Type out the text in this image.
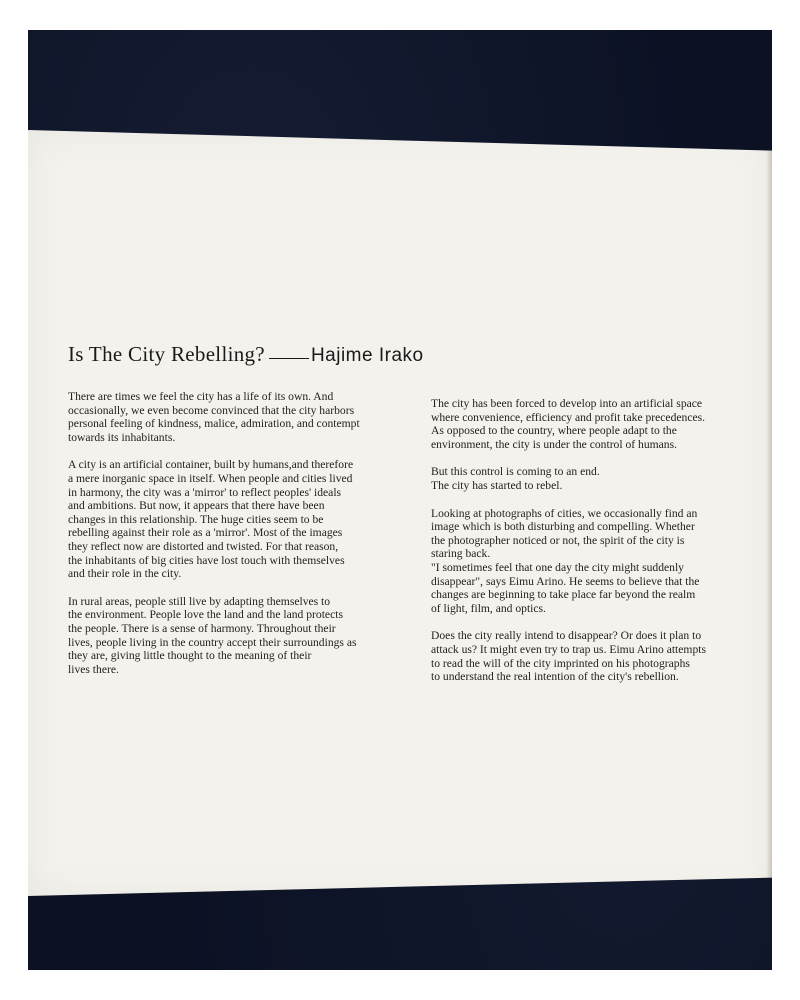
Is The City Rebelling? Hajime Irako

There are times we feel the city has a life of its own. And
occasionally, we even become convinced that the city harbors
personal feeling of kindness, malice, admiration, and contempt
towards its inhabitants.

A city is an artificial container, built by humans,and therefore
a mere inorganic space in itself. When people and cities lived
in harmony, the city was a 'mirror' to reflect peoples' ideals
and ambitions. But now, it appears that there have been
changes in this relationship. The huge cities seem to be
rebelling against their role as a 'mirror'. Most of the images
they reflect now are distorted and twisted. For that reason,
the inhabitants of big cities have lost touch with themselves
and their role in the city.

In rural areas, people still live by adapting themselves to
the environment. People love the land and the land protects
the people. There is a sense of harmony. Throughout their
lives, people living in the country accept their surroundings as
they are, giving little thought to the meaning of their
lives there.

The city has been forced to develop into an artificial space
where convenience, efficiency and profit take precedences.
As opposed to the country, where people adapt to the
environment, the city is under the control of humans.

But this control is coming to an end.
The city has started to rebel.

Looking at photographs of cities, we occasionally find an
image which is both disturbing and compelling. Whether
the photographer noticed or not, the spirit of the city is
staring back.
"I sometimes feel that one day the city might suddenly
disappear", says Eimu Arino. He seems to believe that the
changes are beginning to take place far beyond the realm
of light, film, and optics.

Does the city really intend to disappear? Or does it plan to
attack us? It might even try to trap us. Eimu Arino attempts
to read the will of the city imprinted on his photographs
to understand the real intention of the city's rebellion.
